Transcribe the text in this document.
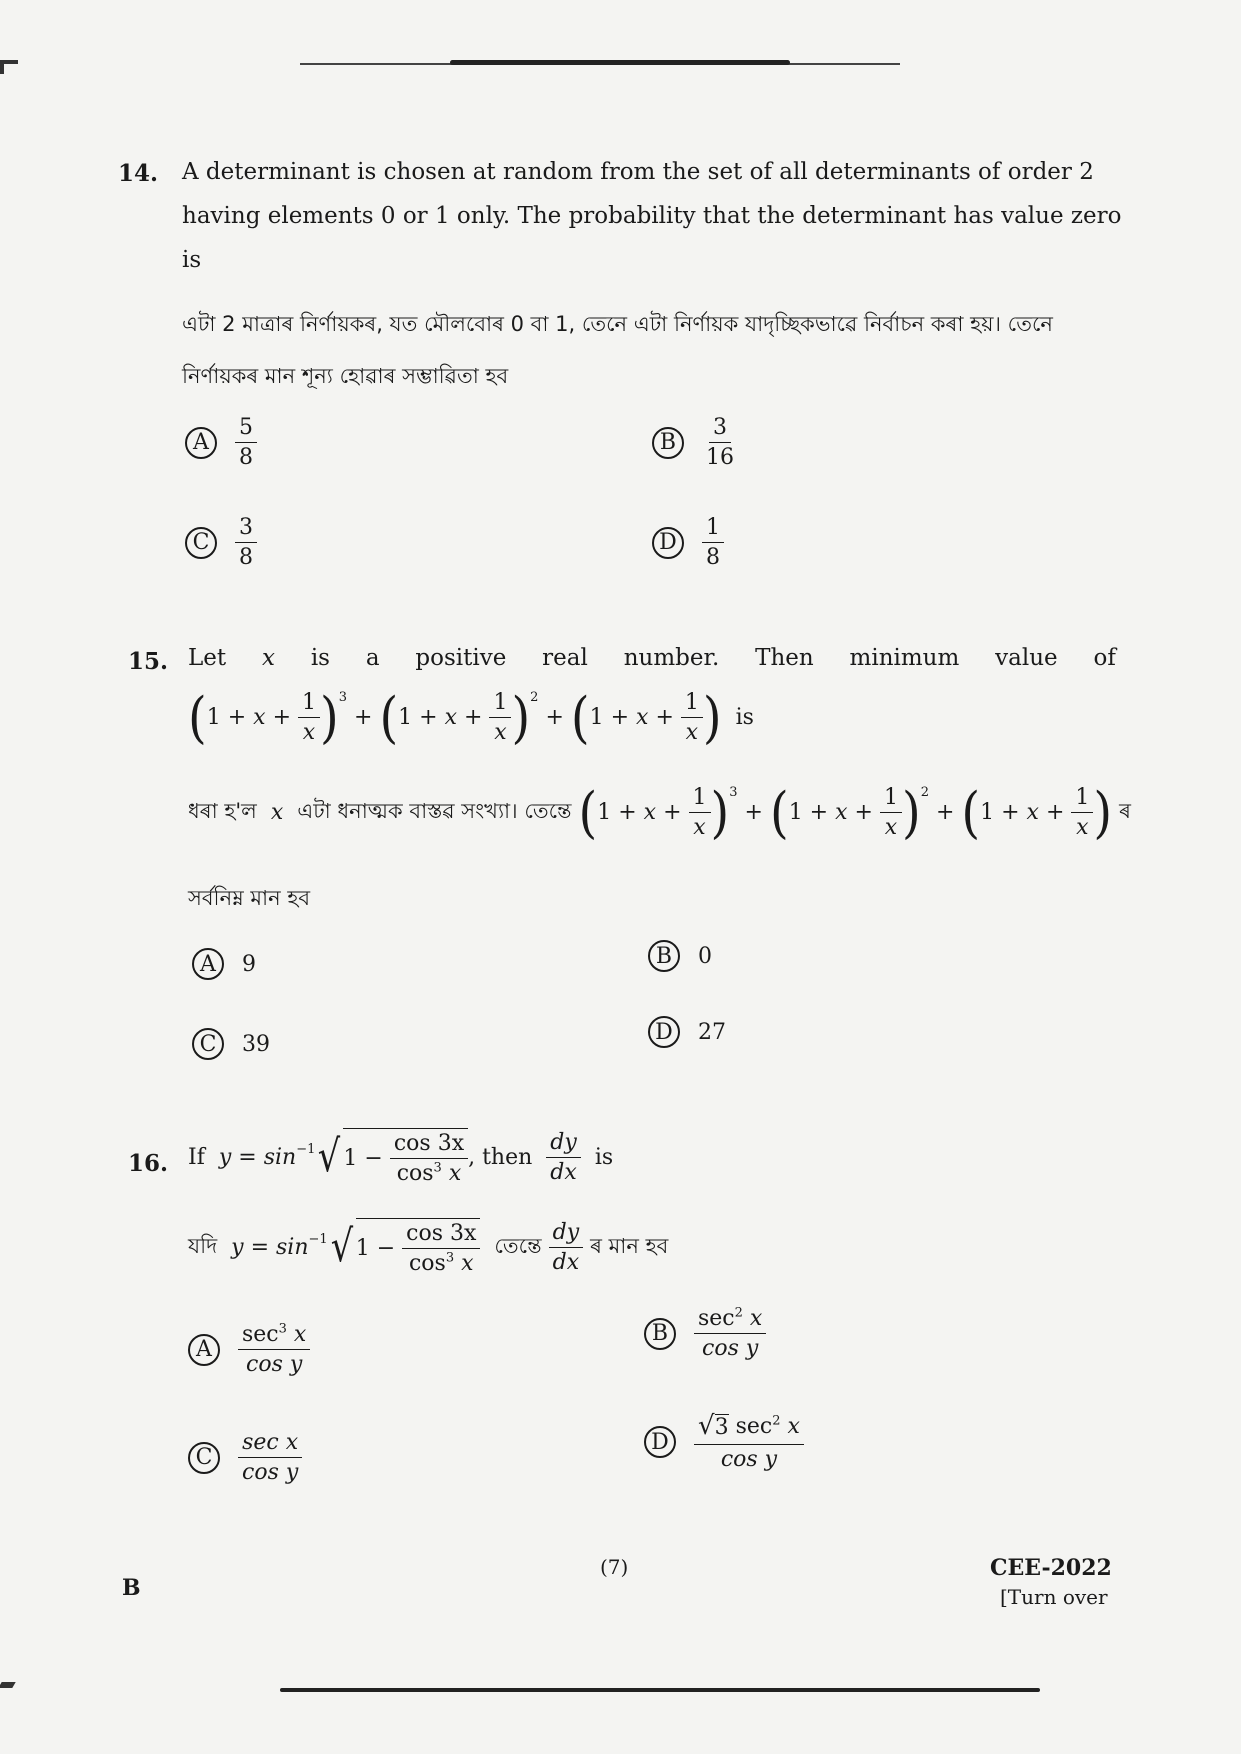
14. A determinant is chosen at random from the set of all determinants of order 2
having elements 0 or 1 only. The probability that the determinant has value zero
is
এটা 2 মাত্ৰাৰ নিৰ্ণায়কৰ, যত মৌলবোৰ 0 বা 1, তেনে এটা নিৰ্ণায়ক যাদৃচ্ছিকভাৱে নিৰ্বাচন কৰা হয়। তেনে
নিৰ্ণায়কৰ মান শূন্য হোৱাৰ সম্ভাৱিতা হব
A	$\frac{5}{8}$	B	$\frac{3}{16}$
C	$\frac{3}{8}$	D	$\frac{1}{8}$
15. Let x is a positive real number. Then minimum value of
( $1 + x + \frac{1}{x} )^3$
+ ( $1 + x + \frac{1}{x} )^2$
+ ( $1 + x + \frac{1}{x}$ )
is
ধৰা হ'ল
x
এটা ধনাত্মক বাস্তৱ সংখ্যা। তেন্তে
( $1 + x + \frac{1}{x} )^3$
+ ( $1 + x + \frac{1}{x} )^2$
+ ( $1 + x + \frac{1}{x}$ )
ৰ
সৰ্বনিম্ন মান হব
A	9	B	0
C	39	D	27
16. If
$y = \sin^{-1}$ √ 1 −
$\frac{\cos 3x}{\cos^3 x}$ , then
$\frac{dy}{dx}$
is
যদি
$y = \sin^{-1}$ √ 1 −
$\frac{\cos 3x}{\cos^3 x}$
তেন্তে
$\frac{dy}{dx}$
ৰ মান হব
A	$\frac{\sec^3 x}{\text{cos y}}$	B	$\frac{\sec^2 x}{\text{cos y}}$
C	$\frac{\text{sec x}}{\text{cos y}}$	D $\frac{√ 3 \sec^2 x}{\text{cos y}}$
(7)
B
CEE-2022
[Turn over
